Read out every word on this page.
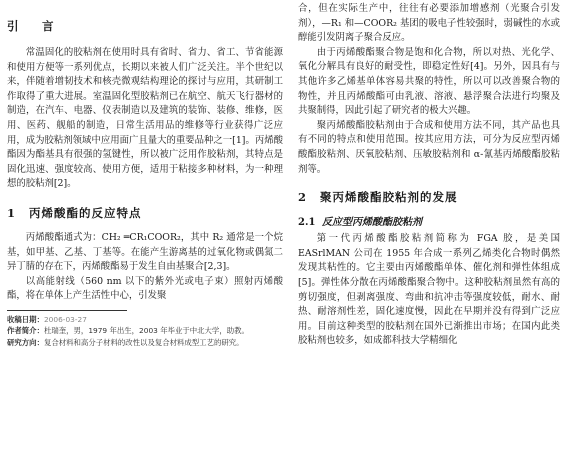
引　言

常温固化的胶粘剂在使用时具有省时、省力、省工、节省能源和使用方便等一系列优点，长期以来被人们广泛关注。半个世纪以来，伴随着增韧技术和核壳微观结构理论的探讨与应用，其研制工作取得了重大进展。室温固化型胶粘剂已在航空、航天飞行器材的制造，在汽车、电器、仪表制造以及建筑的装饰、装修、维修，医用、医药、舰船的制造，日常生活用品的维修等行业获得广泛应用，成为胶粘剂领域中应用面广且量大的重要品种之一[1]。丙烯酸酯因为酯基具有很强的氢键性，所以被广泛用作胶粘剂，其特点是固化迅速、强度较高、使用方便，适用于粘接多种材料，为一种理想的胶粘剂[2]。

1 丙烯酸酯的反应特点

丙烯酸酯通式为：CH₂ ═CR₁COOR₂，其中 R₂ 通常是一个烷基，如甲基、乙基、丁基等。在能产生游离基的过氧化物或偶氮二异丁腈的存在下，丙烯酸酯易于发生自由基聚合[2,3]。

以高能射线（560 nm 以下的紫外光或电子束）照射丙烯酸酯，将在单体上产生活性中心，引发聚

收稿日期：2006-03-27

作者简介：杜瑞奎，男，1979 年出生，2003 年毕业于中北大学，助教。

研究方向：复合材料和高分子材料的改性以及复合材料成型工艺的研究。

合，但在实际生产中，往往有必要添加增感剂（光聚合引发剂），—R₁ 和—COOR₂ 基团的吸电子性较强时，弱碱性的水或醇能引发阴离子聚合反应。

由于丙烯酸酯聚合物是饱和化合物，所以对热、光化学、氧化分解具有良好的耐受性，即稳定性好[4]。另外，因具有与其他许多乙烯基单体容易共聚的特性，所以可以改善聚合物的物性，并且丙烯酸酯可由乳液、溶液、悬浮聚合法进行均聚及共聚制得，因此引起了研究者的极大兴趣。

聚丙烯酸酯胶粘剂由于合成和使用方法不同，其产品也具有不同的特点和使用范围。按其应用方法，可分为反应型丙烯酸酯胶粘剂、厌氧胶粘剂、压敏胶粘剂和 α-氰基丙烯酸酯胶粘剂等。

2 聚丙烯酸酯胶粘剂的发展
2.1 反应型丙烯酸酯胶粘剂

第一代丙烯酸酯胶粘剂简称为 FGA 胶，是美国 EASrlMAN 公司在 1955 年合成一系列乙烯类化合物时偶然发现其粘性的。它主要由丙烯酸酯单体、催化剂和弹性体组成[5]。弹性体分散在丙烯酸酯聚合物中。这种胶粘剂虽然有高的剪切强度，但剥离强度、弯曲和抗冲击等强度较低，耐水、耐热、耐溶剂性差，固化速度慢，因此在早期并没有得到广泛应用。目前这种类型的胶粘剂在国外已渐推出市场；在国内此类胶粘剂也较多，如成都科技大学精细化
